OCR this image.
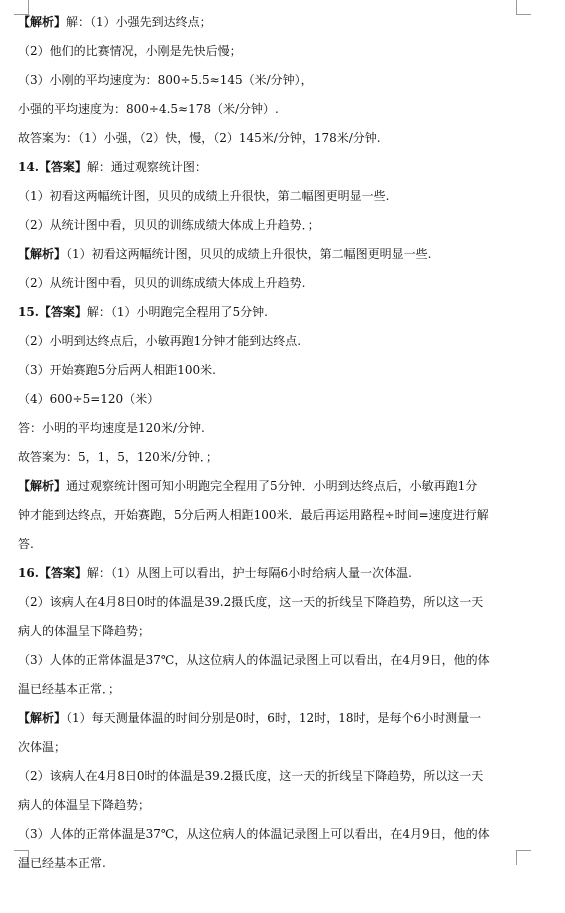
【解析】解：（1）小强先到达终点；
（2）他们的比赛情况，小刚是先快后慢；
（3）小刚的平均速度为：800÷5.5≈145（米/分钟），
小强的平均速度为：800÷4.5≈178（米/分钟）.
故答案为：（1）小强，（2）快，慢，（2）145米/分钟，178米/分钟.
14.【答案】解：通过观察统计图：
（1）初看这两幅统计图，贝贝的成绩上升很快，第二幅图更明显一些.
（2）从统计图中看，贝贝的训练成绩大体成上升趋势．；
【解析】（1）初看这两幅统计图，贝贝的成绩上升很快，第二幅图更明显一些.
（2）从统计图中看，贝贝的训练成绩大体成上升趋势.
15.【答案】解：（1）小明跑完全程用了5分钟.
（2）小明到达终点后，小敏再跑1分钟才能到达终点.
（3）开始赛跑5分后两人相距100米.
（4）600÷5=120（米）
答：小明的平均速度是120米/分钟.
故答案为：5，1，5，120米/分钟．；
【解析】通过观察统计图可知小明跑完全程用了5分钟．小明到达终点后，小敏再跑1分
钟才能到达终点，开始赛跑，5分后两人相距100米．最后再运用路程÷时间=速度进行解
答.
16.【答案】解：（1）从图上可以看出，护士每隔6小时给病人量一次体温.
（2）该病人在4月8日0时的体温是39.2摄氏度，这一天的折线呈下降趋势，所以这一天
病人的体温呈下降趋势；
（3）人体的正常体温是37℃，从这位病人的体温记录图上可以看出，在4月9日，他的体
温已经基本正常．；
【解析】（1）每天测量体温的时间分别是0时，6时，12时，18时，是每个6小时测量一
次体温；
（2）该病人在4月8日0时的体温是39.2摄氏度，这一天的折线呈下降趋势，所以这一天
病人的体温呈下降趋势；
（3）人体的正常体温是37℃，从这位病人的体温记录图上可以看出，在4月9日，他的体
温已经基本正常.
